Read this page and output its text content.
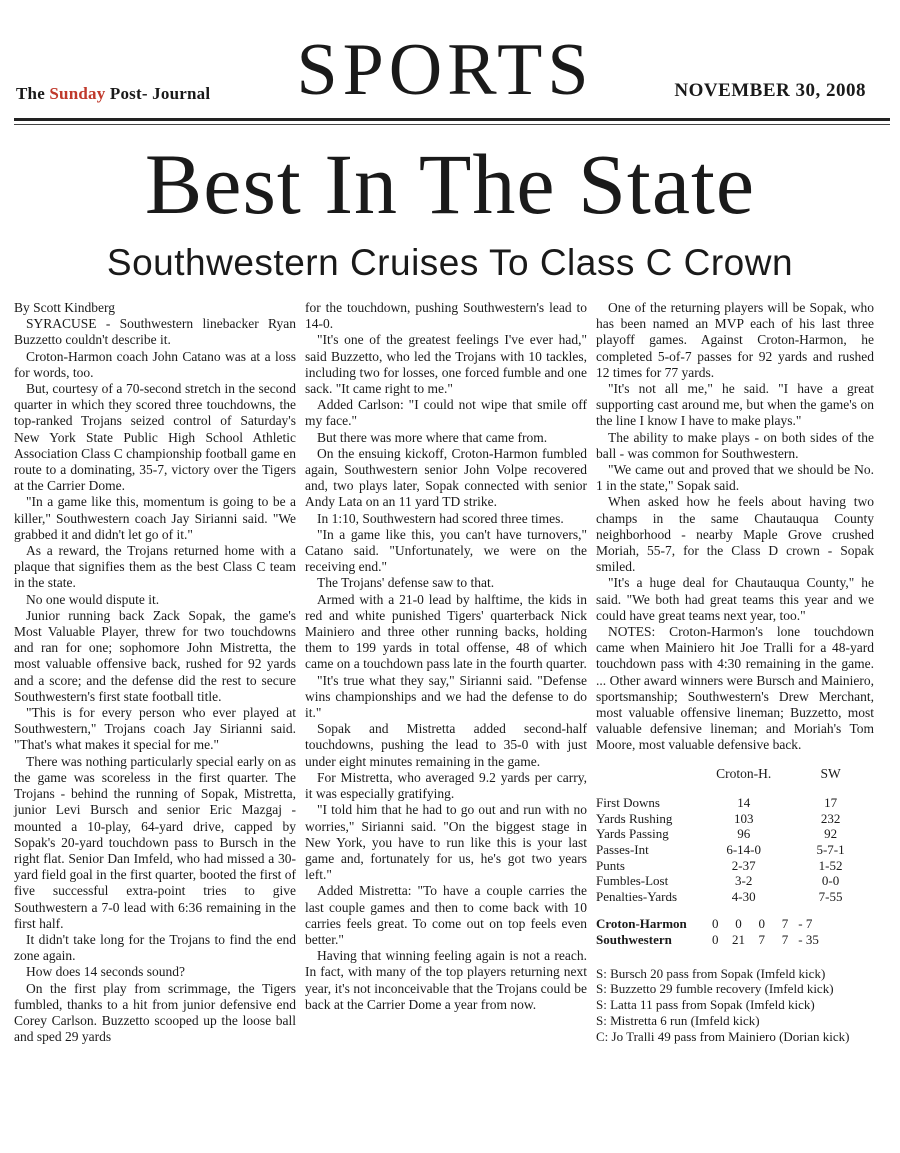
The Sunday Post- Journal	SPORTS	NOVEMBER 30, 2008
Best In The State
Southwestern Cruises To Class C Crown

By Scott Kindberg

SYRACUSE - Southwestern linebacker Ryan Buzzetto couldn't describe it.

Croton-Harmon coach John Catano was at a loss for words, too.

But, courtesy of a 70-second stretch in the second quarter in which they scored three touchdowns, the top-ranked Trojans seized control of Saturday's New York State Public High School Athletic Association Class C championship football game en route to a dominating, 35-7, victory over the Tigers at the Carrier Dome.

"In a game like this, momentum is going to be a killer," Southwestern coach Jay Sirianni said. "We grabbed it and didn't let go of it."

As a reward, the Trojans returned home with a plaque that signifies them as the best Class C team in the state.

No one would dispute it.

Junior running back Zack Sopak, the game's Most Valuable Player, threw for two touchdowns and ran for one; sophomore John Mistretta, the most valuable offensive back, rushed for 92 yards and a score; and the defense did the rest to secure Southwestern's first state football title.

"This is for every person who ever played at Southwestern," Trojans coach Jay Sirianni said. "That's what makes it special for me."

There was nothing particularly special early on as the game was scoreless in the first quarter. The Trojans - behind the running of Sopak, Mistretta, junior Levi Bursch and senior Eric Mazgaj - mounted a 10-play, 64-yard drive, capped by Sopak's 20-yard touchdown pass to Bursch in the right flat. Senior Dan Imfeld, who had missed a 30-yard field goal in the first quarter, booted the first of five successful extra-point tries to give Southwestern a 7-0 lead with 6:36 remaining in the first half.

It didn't take long for the Trojans to find the end zone again.

How does 14 seconds sound?

On the first play from scrimmage, the Tigers fumbled, thanks to a hit from junior defensive end Corey Carlson. Buzzetto scooped up the loose ball and sped 29 yards

for the touchdown, pushing Southwestern's lead to 14-0.

"It's one of the greatest feelings I've ever had," said Buzzetto, who led the Trojans with 10 tackles, including two for losses, one forced fumble and one sack. "It came right to me."

Added Carlson: "I could not wipe that smile off my face."

But there was more where that came from.

On the ensuing kickoff, Croton-Harmon fumbled again, Southwestern senior John Volpe recovered and, two plays later, Sopak connected with senior Andy Lata on an 11 yard TD strike.

In 1:10, Southwestern had scored three times.

"In a game like this, you can't have turnovers," Catano said. "Unfortunately, we were on the receiving end."

The Trojans' defense saw to that.

Armed with a 21-0 lead by halftime, the kids in red and white punished Tigers' quarterback Nick Mainiero and three other running backs, holding them to 199 yards in total offense, 48 of which came on a touchdown pass late in the fourth quarter.

"It's true what they say," Sirianni said. "Defense wins championships and we had the defense to do it."

Sopak and Mistretta added second-half touchdowns, pushing the lead to 35-0 with just under eight minutes remaining in the game.

For Mistretta, who averaged 9.2 yards per carry, it was especially gratifying.

"I told him that he had to go out and run with no worries," Sirianni said. "On the biggest stage in New York, you have to run like this is your last game and, fortunately for us, he's got two years left."

Added Mistretta: "To have a couple carries the last couple games and then to come back with 10 carries feels great. To come out on top feels even better."

Having that winning feeling again is not a reach. In fact, with many of the top players returning next year, it's not inconceivable that the Trojans could be back at the Carrier Dome a year from now.

One of the returning players will be Sopak, who has been named an MVP each of his last three playoff games. Against Croton-Harmon, he completed 5-of-7 passes for 92 yards and rushed 12 times for 77 yards.

"It's not all me," he said. "I have a great supporting cast around me, but when the game's on the line I know I have to make plays."

The ability to make plays - on both sides of the ball - was common for Southwestern.

"We came out and proved that we should be No. 1 in the state," Sopak said.

When asked how he feels about having two champs in the same Chautauqua County neighborhood - nearby Maple Grove crushed Moriah, 55-7, for the Class D crown - Sopak smiled.

"It's a huge deal for Chautauqua County," he said. "We both had great teams this year and we could have great teams next year, too."

NOTES: Croton-Harmon's lone touchdown came when Mainiero hit Joe Tralli for a 48-yard touchdown pass with 4:30 remaining in the game. ... Other award winners were Bursch and Mainiero, sportsmanship; Southwestern's Drew Merchant, most valuable offensive lineman; Buzzetto, most valuable defensive lineman; and Moriah's Tom Moore, most valuable defensive back.

	Croton-H.	SW
First Downs	14	17
Yards Rushing	103	232
Yards Passing	96	92
Passes-Int	6-14-0	5-7-1
Punts	2-37	1-52
Fumbles-Lost	3-2	0-0
Penalties-Yards	4-30	7-55
Croton-Harmon 0 0 0 7 - 7
Southwestern	0 21 7 7 - 35
S: Bursch 20 pass from Sopak (Imfeld kick)
S: Buzzetto 29 fumble recovery (Imfeld kick)
S: Latta 11 pass from Sopak (Imfeld kick)
S: Mistretta 6 run (Imfeld kick)
C: Jo Tralli 49 pass from Mainiero (Dorian kick)
